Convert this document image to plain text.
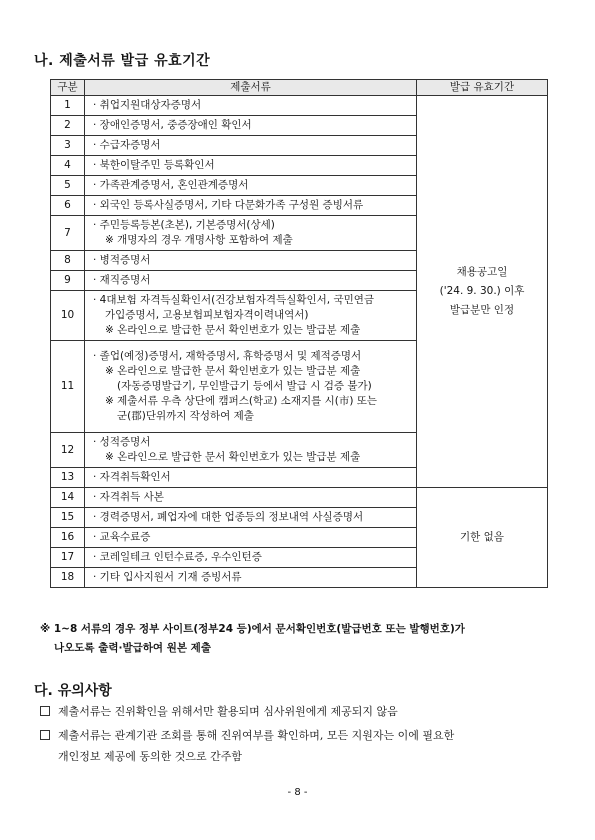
나. 제출서류 발급 유효기간
구분	제출서류	발급 유효기간
1	· 취업지원대상자증명서	채용공고일
('24. 9. 30.) 이후
발급분만 인정

2	· 장애인증명서, 중증장애인 확인서	

3	· 수급자증명서	

4	· 북한이탈주민 등록확인서	

5	· 가족관계증명서, 혼인관계증명서	

6	· 외국인 등록사실증명서, 기타 다문화가족 구성원 증빙서류	

7	· 주민등록등본(초본), 기본증명서(상세)
※ 개명자의 경우 개명사항 포함하여 제출	

8	· 병적증명서	

9	· 재직증명서	

10	· 4대보험 자격득실확인서(건강보험자격득실확인서, 국민연금
가입증명서, 고용보험피보험자격이력내역서)
※ 온라인으로 발급한 문서 확인번호가 있는 발급분 제출	

11	· 졸업(예정)증명서, 재학증명서, 휴학증명서 및 제적증명서
※ 온라인으로 발급한 문서 확인번호가 있는 발급분 제출
(자동증명발급기, 무인발급기 등에서 발급 시 검증 불가)
※ 제출서류 우측 상단에 캠퍼스(학교) 소재지를 시(市) 또는
군(郡)단위까지 작성하여 제출	

12	· 성적증명서
※ 온라인으로 발급한 문서 확인번호가 있는 발급분 제출	

13	· 자격취득확인서	

14	· 자격취득 사본	기한 없음
15	· 경력증명서, 폐업자에 대한 업종등의 정보내역 사실증명서	

16	· 교육수료증	

17	· 코레일테크 인턴수료증, 우수인턴증	

18	· 기타 입사지원서 기재 증빙서류	
※ 1~8 서류의 경우 정부 사이트(정부24 등)에서 문서확인번호(발급번호 또는 발행번호)가
나오도록 출력·발급하여 원본 제출
다. 유의사항
제출서류는 진위확인을 위해서만 활용되며 심사위원에게 제공되지 않음
제출서류는 관계기관 조회를 통해 진위여부를 확인하며, 모든 지원자는 이에 필요한
개인정보 제공에 동의한 것으로 간주함
- 8 -
